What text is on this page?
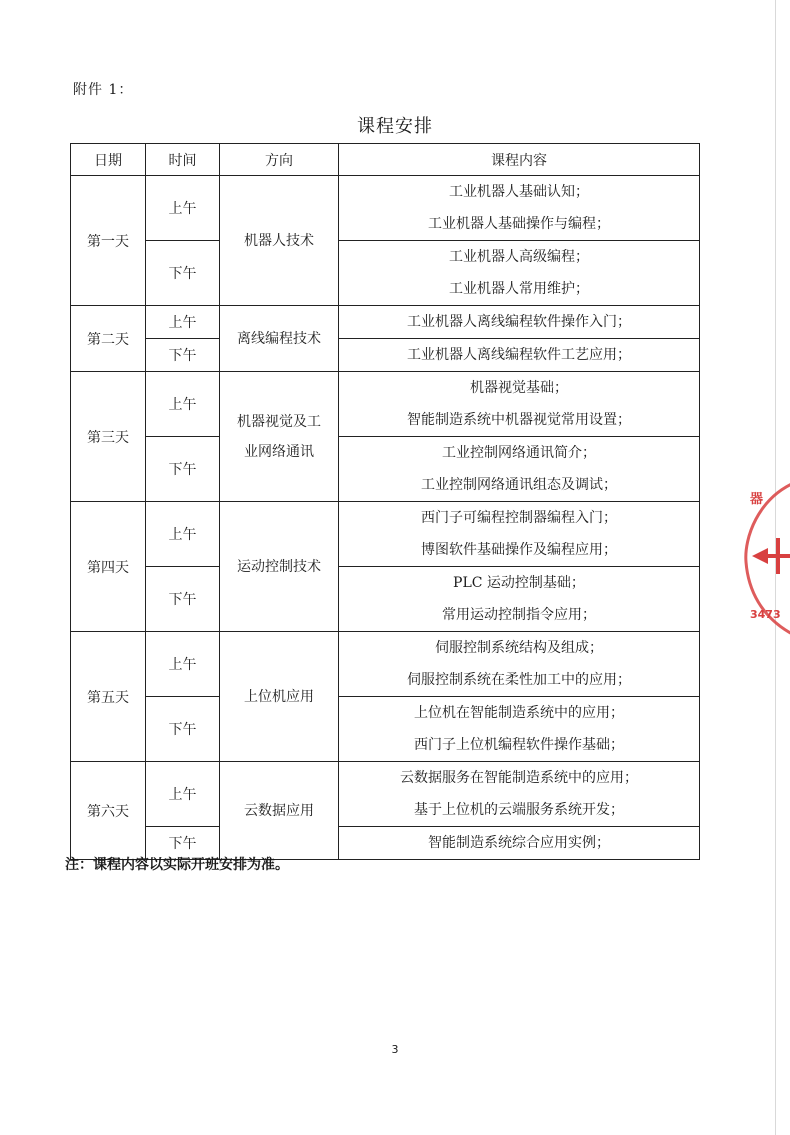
附件 1：
课程安排
日期	时间	方向	课程内容
第一天	上午	机器人技术	工业机器人基础认知；
工业机器人基础操作与编程；

	下午		工业机器人高级编程；
工业机器人常用维护；

第二天	上午	离线编程技术	工业机器人离线编程软件操作入门；

	下午		工业机器人离线编程软件工艺应用；

第三天	上午	机器视觉及工业网络通讯	机器视觉基础；
智能制造系统中机器视觉常用设置；

	下午		工业控制网络通讯简介；
工业控制网络通讯组态及调试；

第四天	上午	运动控制技术	西门子可编程控制器编程入门；
博图软件基础操作及编程应用；

	下午		PLC 运动控制基础；
常用运动控制指令应用；

第五天	上午	上位机应用	伺服控制系统结构及组成；
伺服控制系统在柔性加工中的应用；

	下午		上位机在智能制造系统中的应用；
西门子上位机编程软件操作基础；

第六天	上午	云数据应用	云数据服务在智能制造系统中的应用；
基于上位机的云端服务系统开发；

	下午		智能制造系统综合应用实例；
注：课程内容以实际开班安排为准。
3
器
3473
